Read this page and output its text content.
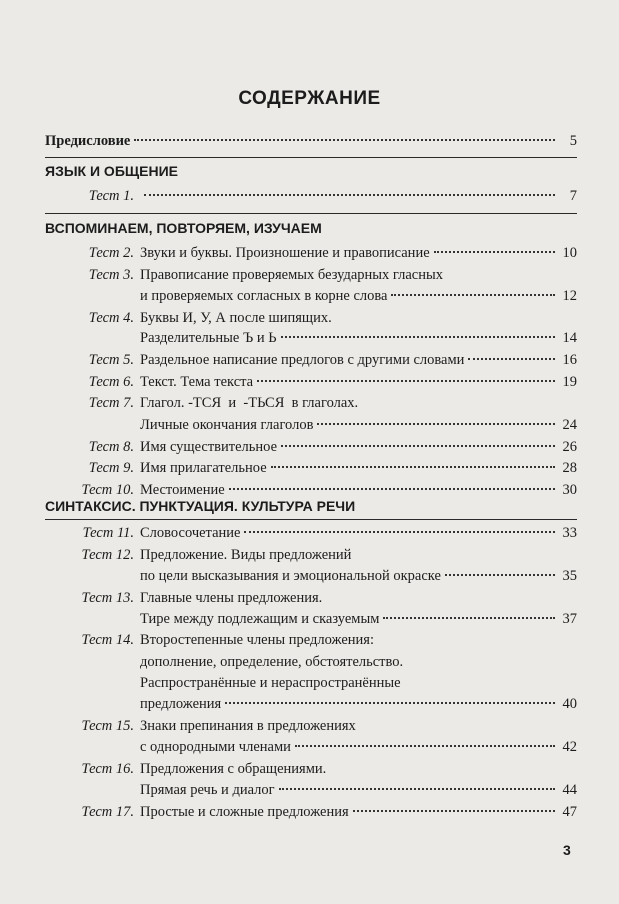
СОДЕРЖАНИЕ
Предисловие	5
ЯЗЫК И ОБЩЕНИЕ
Тест 1.	7
ВСПОМИНАЕМ, ПОВТОРЯЕМ, ИЗУЧАЕМ
Тест 2. Звуки и буквы. Произношение и правописание	10
Тест 3. Правописание проверяемых безударных гласных
и проверяемых согласных в корне слова	12
Тест 4. Буквы И, У, А после шипящих.
Разделительные Ъ и Ь	14
Тест 5. Раздельное написание предлогов с другими словами	16
Тест 6. Текст. Тема текста	19
Тест 7. Глагол. -ТСЯ  и  -ТЬСЯ  в глаголах.
Личные окончания глаголов	24
Тест 8. Имя существительное	26
Тест 9. Имя прилагательное	28
Тест 10. Местоимение	30
СИНТАКСИС. ПУНКТУАЦИЯ. КУЛЬТУРА РЕЧИ
Тест 11. Словосочетание	33
Тест 12. Предложение. Виды предложений
по цели высказывания и эмоциональной окраске	35
Тест 13. Главные члены предложения.
Тире между подлежащим и сказуемым	37
Тест 14. Второстепенные члены предложения:
дополнение, определение, обстоятельство.
Распространённые и нераспространённые
предложения	40
Тест 15. Знаки препинания в предложениях
с однородными членами	42
Тест 16. Предложения с обращениями.
Прямая речь и диалог	44
Тест 17. Простые и сложные предложения	47
3
